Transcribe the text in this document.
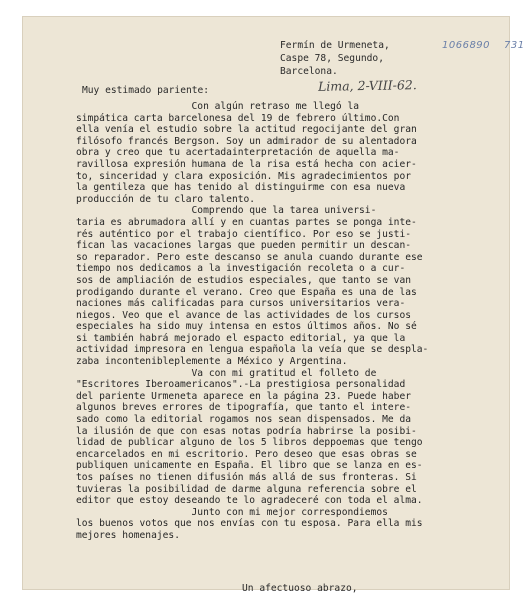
1066890 731
Fermín de Urmeneta,
Caspe 78, Segundo,
Barcelona.
Lima, 2-VIII-62.
Muy estimado pariente:
Con algún retraso me llegó la
simpática carta barcelonesa del 19 de febrero último.Con
ella venía el estudio sobre la actitud regocijante del gran
filósofo francés Bergson. Soy un admirador de su alentadora
obra y creo que tu acertadainterpretación de aquella ma-
ravillosa expresión humana de la risa está hecha con acier-
to, sinceridad y clara exposición. Mis agradecimientos por
la gentileza que has tenido al distinguirme con esa nueva
producción de tu claro talento.
Comprendo que la tarea universi-
taria es abrumadora allí y en cuantas partes se ponga inte-
rés auténtico por el trabajo científico. Por eso se justi-
fican las vacaciones largas que pueden permitir un descan-
so reparador. Pero este descanso se anula cuando durante ese
tiempo nos dedicamos a la investigación recoleta o a cur-
sos de ampliación de estudios especiales, que tanto se van
prodigando durante el verano. Creo que España es una de las
naciones más calificadas para cursos universitarios vera-
niegos. Veo que el avance de las actividades de los cursos
especiales ha sido muy intensa en estos últimos años. No sé
si también habrá mejorado el espacto editorial, ya que la
actividad impresora en lengua española la veía que se despla-
zaba incontenibleplemente a México y Argentina.
Va con mi gratitud el folleto de
"Escritores Iberoamericanos".-La prestigiosa personalidad
del pariente Urmeneta aparece en la página 23. Puede haber
algunos breves errores de tipografía, que tanto el intere-
sado como la editorial rogamos nos sean dispensados. Me da
la ilusión de que con esas notas podría habrirse la posibi-
lidad de publicar alguno de los 5 libros deppoemas que tengo
encarcelados en mi escritorio. Pero deseo que esas obras se
publiquen unicamente en España. El libro que se lanza en es-
tos países no tienen difusión más allá de sus fronteras. Si
tuvieras la posibilidad de darme alguna referencia sobre el
editor que estoy deseando te lo agradeceré con toda el alma.
Junto con mi mejor correspondiemos
los buenos votos que nos envías con tu esposa. Para ella mis
mejores homenajes.
Un afectuoso abrazo,
